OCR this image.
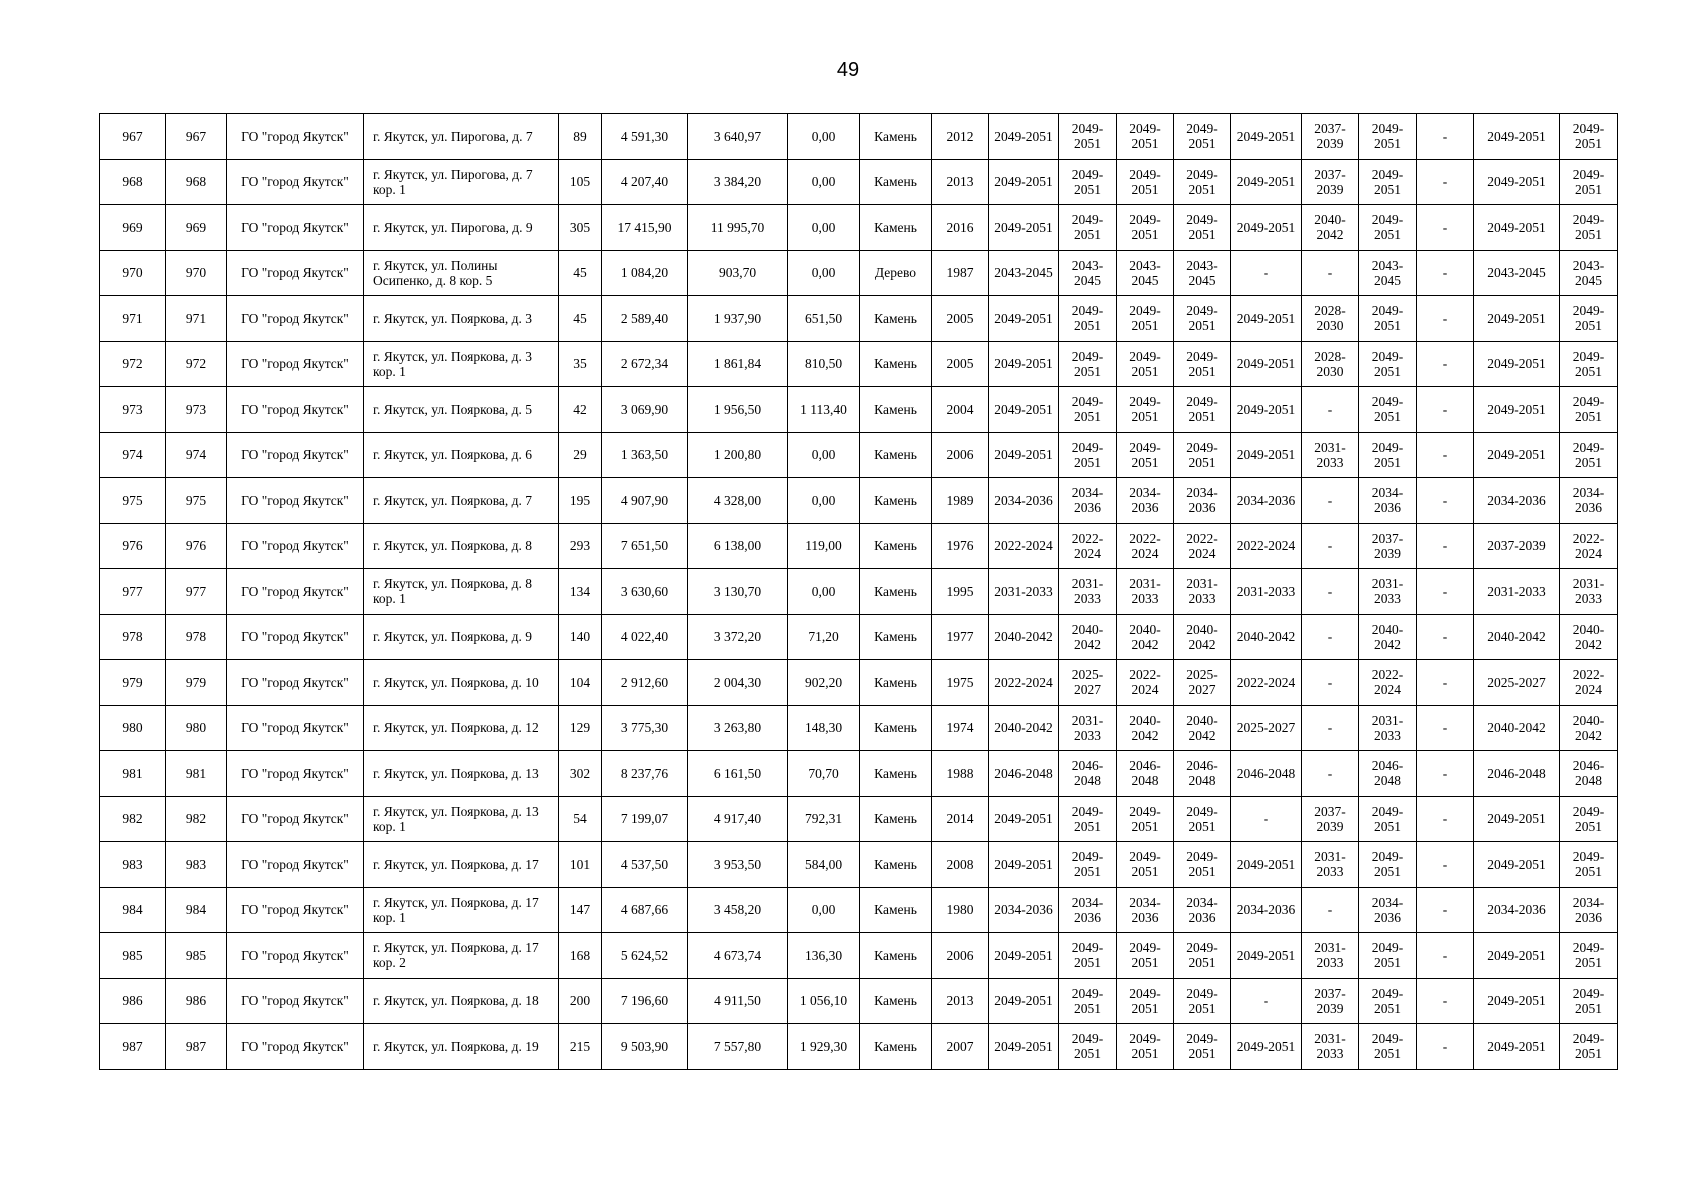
49
967	967	ГО "город Якутск"	г. Якутск, ул. Пирогова, д. 7	89	4 591,30	3 640,97	0,00	Камень	2012	2049-2051	2049-2051	2049-2051	2049-2051	2049-2051	2037-2039	2049-2051	-	2049-2051	2049-2051
968	968	ГО "город Якутск"	г. Якутск, ул. Пирогова, д. 7 кор. 1	105	4 207,40	3 384,20	0,00	Камень	2013	2049-2051	2049-2051	2049-2051	2049-2051	2049-2051	2037-2039	2049-2051	-	2049-2051	2049-2051
969	969	ГО "город Якутск"	г. Якутск, ул. Пирогова, д. 9	305	17 415,90	11 995,70	0,00	Камень	2016	2049-2051	2049-2051	2049-2051	2049-2051	2049-2051	2040-2042	2049-2051	-	2049-2051	2049-2051
970	970	ГО "город Якутск"	г. Якутск, ул. Полины Осипенко, д. 8 кор. 5	45	1 084,20	903,70	0,00	Дерево	1987	2043-2045	2043-2045	2043-2045	2043-2045	-	-	2043-2045	-	2043-2045	2043-2045
971	971	ГО "город Якутск"	г. Якутск, ул. Пояркова, д. 3	45	2 589,40	1 937,90	651,50	Камень	2005	2049-2051	2049-2051	2049-2051	2049-2051	2049-2051	2028-2030	2049-2051	-	2049-2051	2049-2051
972	972	ГО "город Якутск"	г. Якутск, ул. Пояркова, д. 3 кор. 1	35	2 672,34	1 861,84	810,50	Камень	2005	2049-2051	2049-2051	2049-2051	2049-2051	2049-2051	2028-2030	2049-2051	-	2049-2051	2049-2051
973	973	ГО "город Якутск"	г. Якутск, ул. Пояркова, д. 5	42	3 069,90	1 956,50	1 113,40	Камень	2004	2049-2051	2049-2051	2049-2051	2049-2051	2049-2051	-	2049-2051	-	2049-2051	2049-2051
974	974	ГО "город Якутск"	г. Якутск, ул. Пояркова, д. 6	29	1 363,50	1 200,80	0,00	Камень	2006	2049-2051	2049-2051	2049-2051	2049-2051	2049-2051	2031-2033	2049-2051	-	2049-2051	2049-2051
975	975	ГО "город Якутск"	г. Якутск, ул. Пояркова, д. 7	195	4 907,90	4 328,00	0,00	Камень	1989	2034-2036	2034-2036	2034-2036	2034-2036	2034-2036	-	2034-2036	-	2034-2036	2034-2036
976	976	ГО "город Якутск"	г. Якутск, ул. Пояркова, д. 8	293	7 651,50	6 138,00	119,00	Камень	1976	2022-2024	2022-2024	2022-2024	2022-2024	2022-2024	-	2037-2039	-	2037-2039	2022-2024
977	977	ГО "город Якутск"	г. Якутск, ул. Пояркова, д. 8 кор. 1	134	3 630,60	3 130,70	0,00	Камень	1995	2031-2033	2031-2033	2031-2033	2031-2033	2031-2033	-	2031-2033	-	2031-2033	2031-2033
978	978	ГО "город Якутск"	г. Якутск, ул. Пояркова, д. 9	140	4 022,40	3 372,20	71,20	Камень	1977	2040-2042	2040-2042	2040-2042	2040-2042	2040-2042	-	2040-2042	-	2040-2042	2040-2042
979	979	ГО "город Якутск"	г. Якутск, ул. Пояркова, д. 10	104	2 912,60	2 004,30	902,20	Камень	1975	2022-2024	2025-2027	2022-2024	2025-2027	2022-2024	-	2022-2024	-	2025-2027	2022-2024
980	980	ГО "город Якутск"	г. Якутск, ул. Пояркова, д. 12	129	3 775,30	3 263,80	148,30	Камень	1974	2040-2042	2031-2033	2040-2042	2040-2042	2025-2027	-	2031-2033	-	2040-2042	2040-2042
981	981	ГО "город Якутск"	г. Якутск, ул. Пояркова, д. 13	302	8 237,76	6 161,50	70,70	Камень	1988	2046-2048	2046-2048	2046-2048	2046-2048	2046-2048	-	2046-2048	-	2046-2048	2046-2048
982	982	ГО "город Якутск"	г. Якутск, ул. Пояркова, д. 13 кор. 1	54	7 199,07	4 917,40	792,31	Камень	2014	2049-2051	2049-2051	2049-2051	2049-2051	-	2037-2039	2049-2051	-	2049-2051	2049-2051
983	983	ГО "город Якутск"	г. Якутск, ул. Пояркова, д. 17	101	4 537,50	3 953,50	584,00	Камень	2008	2049-2051	2049-2051	2049-2051	2049-2051	2049-2051	2031-2033	2049-2051	-	2049-2051	2049-2051
984	984	ГО "город Якутск"	г. Якутск, ул. Пояркова, д. 17 кор. 1	147	4 687,66	3 458,20	0,00	Камень	1980	2034-2036	2034-2036	2034-2036	2034-2036	2034-2036	-	2034-2036	-	2034-2036	2034-2036
985	985	ГО "город Якутск"	г. Якутск, ул. Пояркова, д. 17 кор. 2	168	5 624,52	4 673,74	136,30	Камень	2006	2049-2051	2049-2051	2049-2051	2049-2051	2049-2051	2031-2033	2049-2051	-	2049-2051	2049-2051
986	986	ГО "город Якутск"	г. Якутск, ул. Пояркова, д. 18	200	7 196,60	4 911,50	1 056,10	Камень	2013	2049-2051	2049-2051	2049-2051	2049-2051	-	2037-2039	2049-2051	-	2049-2051	2049-2051
987	987	ГО "город Якутск"	г. Якутск, ул. Пояркова, д. 19	215	9 503,90	7 557,80	1 929,30	Камень	2007	2049-2051	2049-2051	2049-2051	2049-2051	2049-2051	2031-2033	2049-2051	-	2049-2051	2049-2051
